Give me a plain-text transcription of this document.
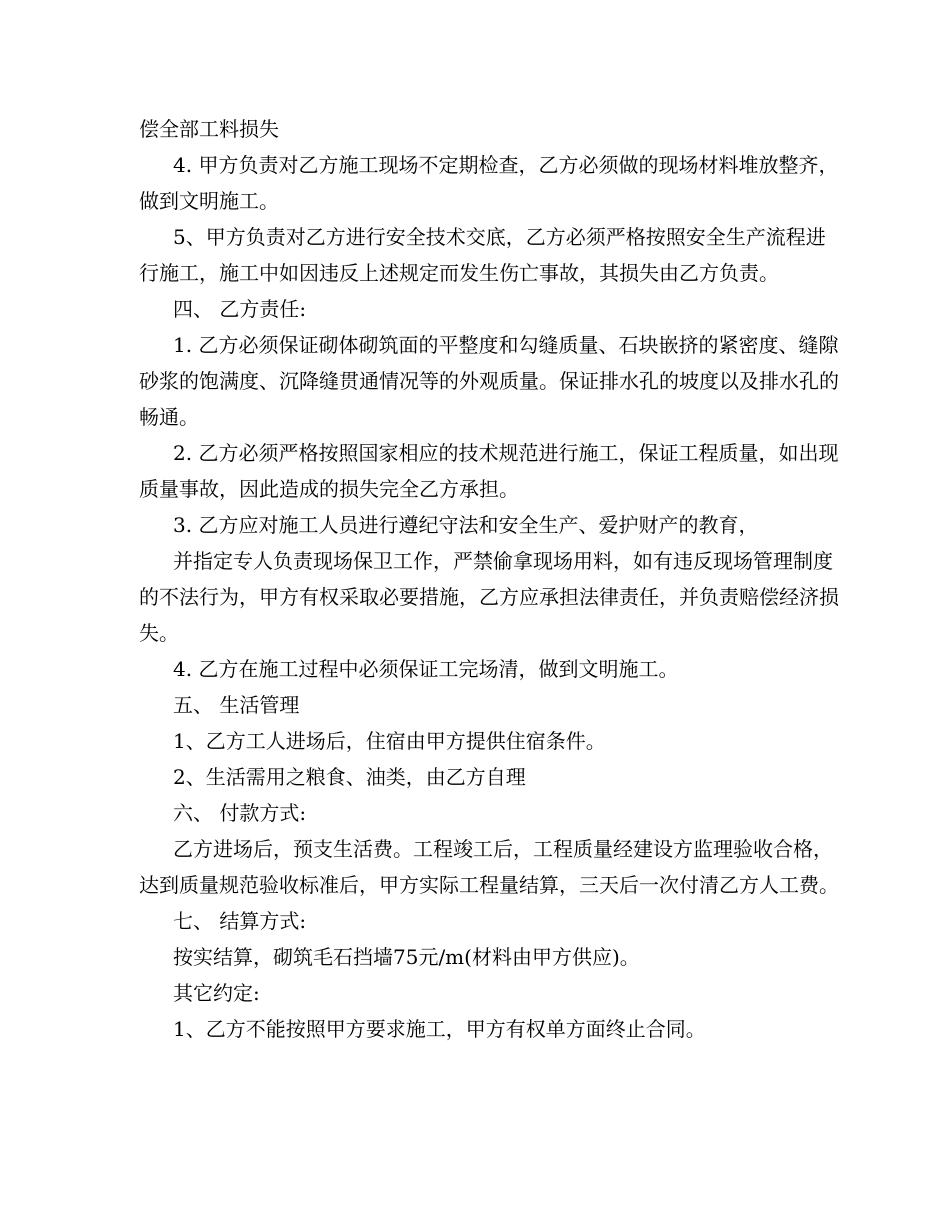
偿全部工料损失

4. 甲方负责对乙方施工现场不定期检查，乙方必须做的现场材料堆放整齐，做到文明施工。

5、甲方负责对乙方进行安全技术交底，乙方必须严格按照安全生产流程进行施工，施工中如因违反上述规定而发生伤亡事故，其损失由乙方负责。

四、 乙方责任:

1. 乙方必须保证砌体砌筑面的平整度和勾缝质量、石块嵌挤的紧密度、缝隙砂浆的饱满度、沉降缝贯通情况等的外观质量。保证排水孔的坡度以及排水孔的畅通。

2. 乙方必须严格按照国家相应的技术规范进行施工，保证工程质量，如出现质量事故，因此造成的损失完全乙方承担。

3. 乙方应对施工人员进行遵纪守法和安全生产、爱护财产的教育，

并指定专人负责现场保卫工作，严禁偷拿现场用料，如有违反现场管理制度的不法行为，甲方有权采取必要措施，乙方应承担法律责任，并负责赔偿经济损失。

4. 乙方在施工过程中必须保证工完场清，做到文明施工。

五、 生活管理

1、乙方工人进场后，住宿由甲方提供住宿条件。

2、生活需用之粮食、油类，由乙方自理

六、 付款方式:

乙方进场后，预支生活费。工程竣工后，工程质量经建设方监理验收合格，达到质量规范验收标准后，甲方实际工程量结算，三天后一次付清乙方人工费。

七、 结算方式:

按实结算，砌筑毛石挡墙75元/m(材料由甲方供应)。

其它约定:

1、乙方不能按照甲方要求施工，甲方有权单方面终止合同。
